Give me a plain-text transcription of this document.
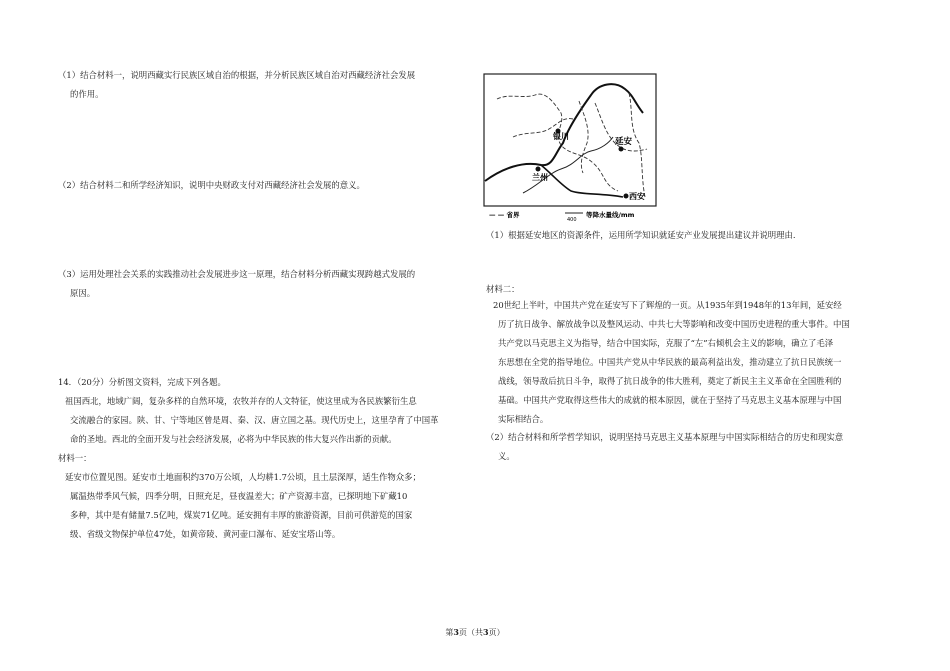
（1）结合材料一，说明西藏实行民族区域自治的根据，并分析民族区域自治对西藏经济社会发展

的作用。

（2）结合材料二和所学经济知识，说明中央财政支付对西藏经济社会发展的意义。

（3）运用处理社会关系的实践推动社会发展进步这一原理，结合材料分析西藏实现跨越式发展的

原因。

14．（20分）分析图文资料，完成下列各题。

祖国西北，地域广阔，复杂多样的自然环境，农牧并存的人文特征，使这里成为各民族繁衍生息

交流融合的家园。陕、甘、宁等地区曾是周、秦、汉、唐立国之基。现代历史上，这里孕育了中国革

命的圣地。西北的全面开发与社会经济发展，必将为中华民族的伟大复兴作出新的贡献。

材料一：

延安市位置见图。延安市土地面积约370万公顷，人均耕1.7公顷，且土层深厚，适生作物众多；

属温热带季风气候，四季分明，日照充足，昼夜温差大；矿产资源丰富，已探明地下矿藏10

多种，其中是有储量7.5亿吨，煤炭71亿吨。延安拥有丰厚的旅游资源，目前可供游览的国家

级、省级文物保护单位47处，如黄帝陵、黄河壶口瀑布、延安宝塔山等。

银川
延安
兰州
西安
— — 省界
400
等降水量线/mm

（1）根据延安地区的资源条件，运用所学知识就延安产业发展提出建议并说明理由.

材料二：

20世纪上半叶，中国共产党在延安写下了辉煌的一页。从1935年到1948年的13年间，延安经

历了抗日战争、解放战争以及整风运动、中共七大等影响和改变中国历史进程的重大事件。中国

共产党以马克思主义为指导，结合中国实际，克服了“左”右倾机会主义的影响，确立了毛泽

东思想在全党的指导地位。中国共产党从中华民族的最高利益出发，推动建立了抗日民族统一

战线，领导敌后抗日斗争，取得了抗日战争的伟大胜利，奠定了新民主主义革命在全国胜利的

基础。中国共产党取得这些伟大的成就的根本原因，就在于坚持了马克思主义基本原理与中国

实际相结合。

（2）结合材料和所学哲学知识，说明坚持马克思主义基本原理与中国实际相结合的历史和现实意

义。

第3页（共3页）
